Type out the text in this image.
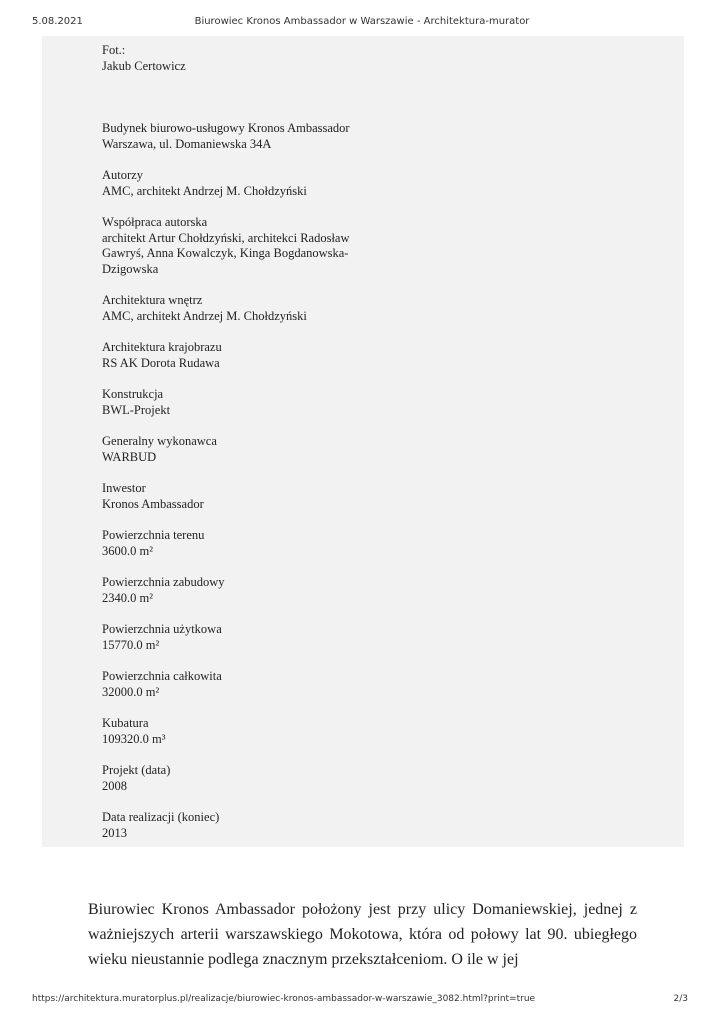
Biurowiec Kronos Ambassador w Warszawie - Architektura-murator
5.08.2021
Fot.:
Jakub Certowicz
Budynek biurowo-usługowy Kronos Ambassador
Warszawa, ul. Domaniewska 34A
Autorzy
AMC, architekt Andrzej M. Chołdzyński
Współpraca autorska
architekt Artur Chołdzyński, architekci Radosław Gawryś, Anna Kowalczyk, Kinga Bogdanowska-Dzigowska
Architektura wnętrz
AMC, architekt Andrzej M. Chołdzyński
Architektura krajobrazu
RS AK Dorota Rudawa
Konstrukcja
BWL-Projekt
Generalny wykonawca
WARBUD
Inwestor
Kronos Ambassador
Powierzchnia terenu
3600.0 m²
Powierzchnia zabudowy
2340.0 m²
Powierzchnia użytkowa
15770.0 m²
Powierzchnia całkowita
32000.0 m²
Kubatura
109320.0 m³
Projekt (data)
2008
Data realizacji (koniec)
2013

Biurowiec Kronos Ambassador położony jest przy ulicy Domaniewskiej, jednej z ważniejszych arterii warszawskiego Mokotowa, która od połowy lat 90. ubiegłego wieku nieustannie podlega znacznym przekształceniom. O ile w jej

https://architektura.muratorplus.pl/realizacje/biurowiec-kronos-ambassador-w-warszawie_3082.html?print=true	2/3
